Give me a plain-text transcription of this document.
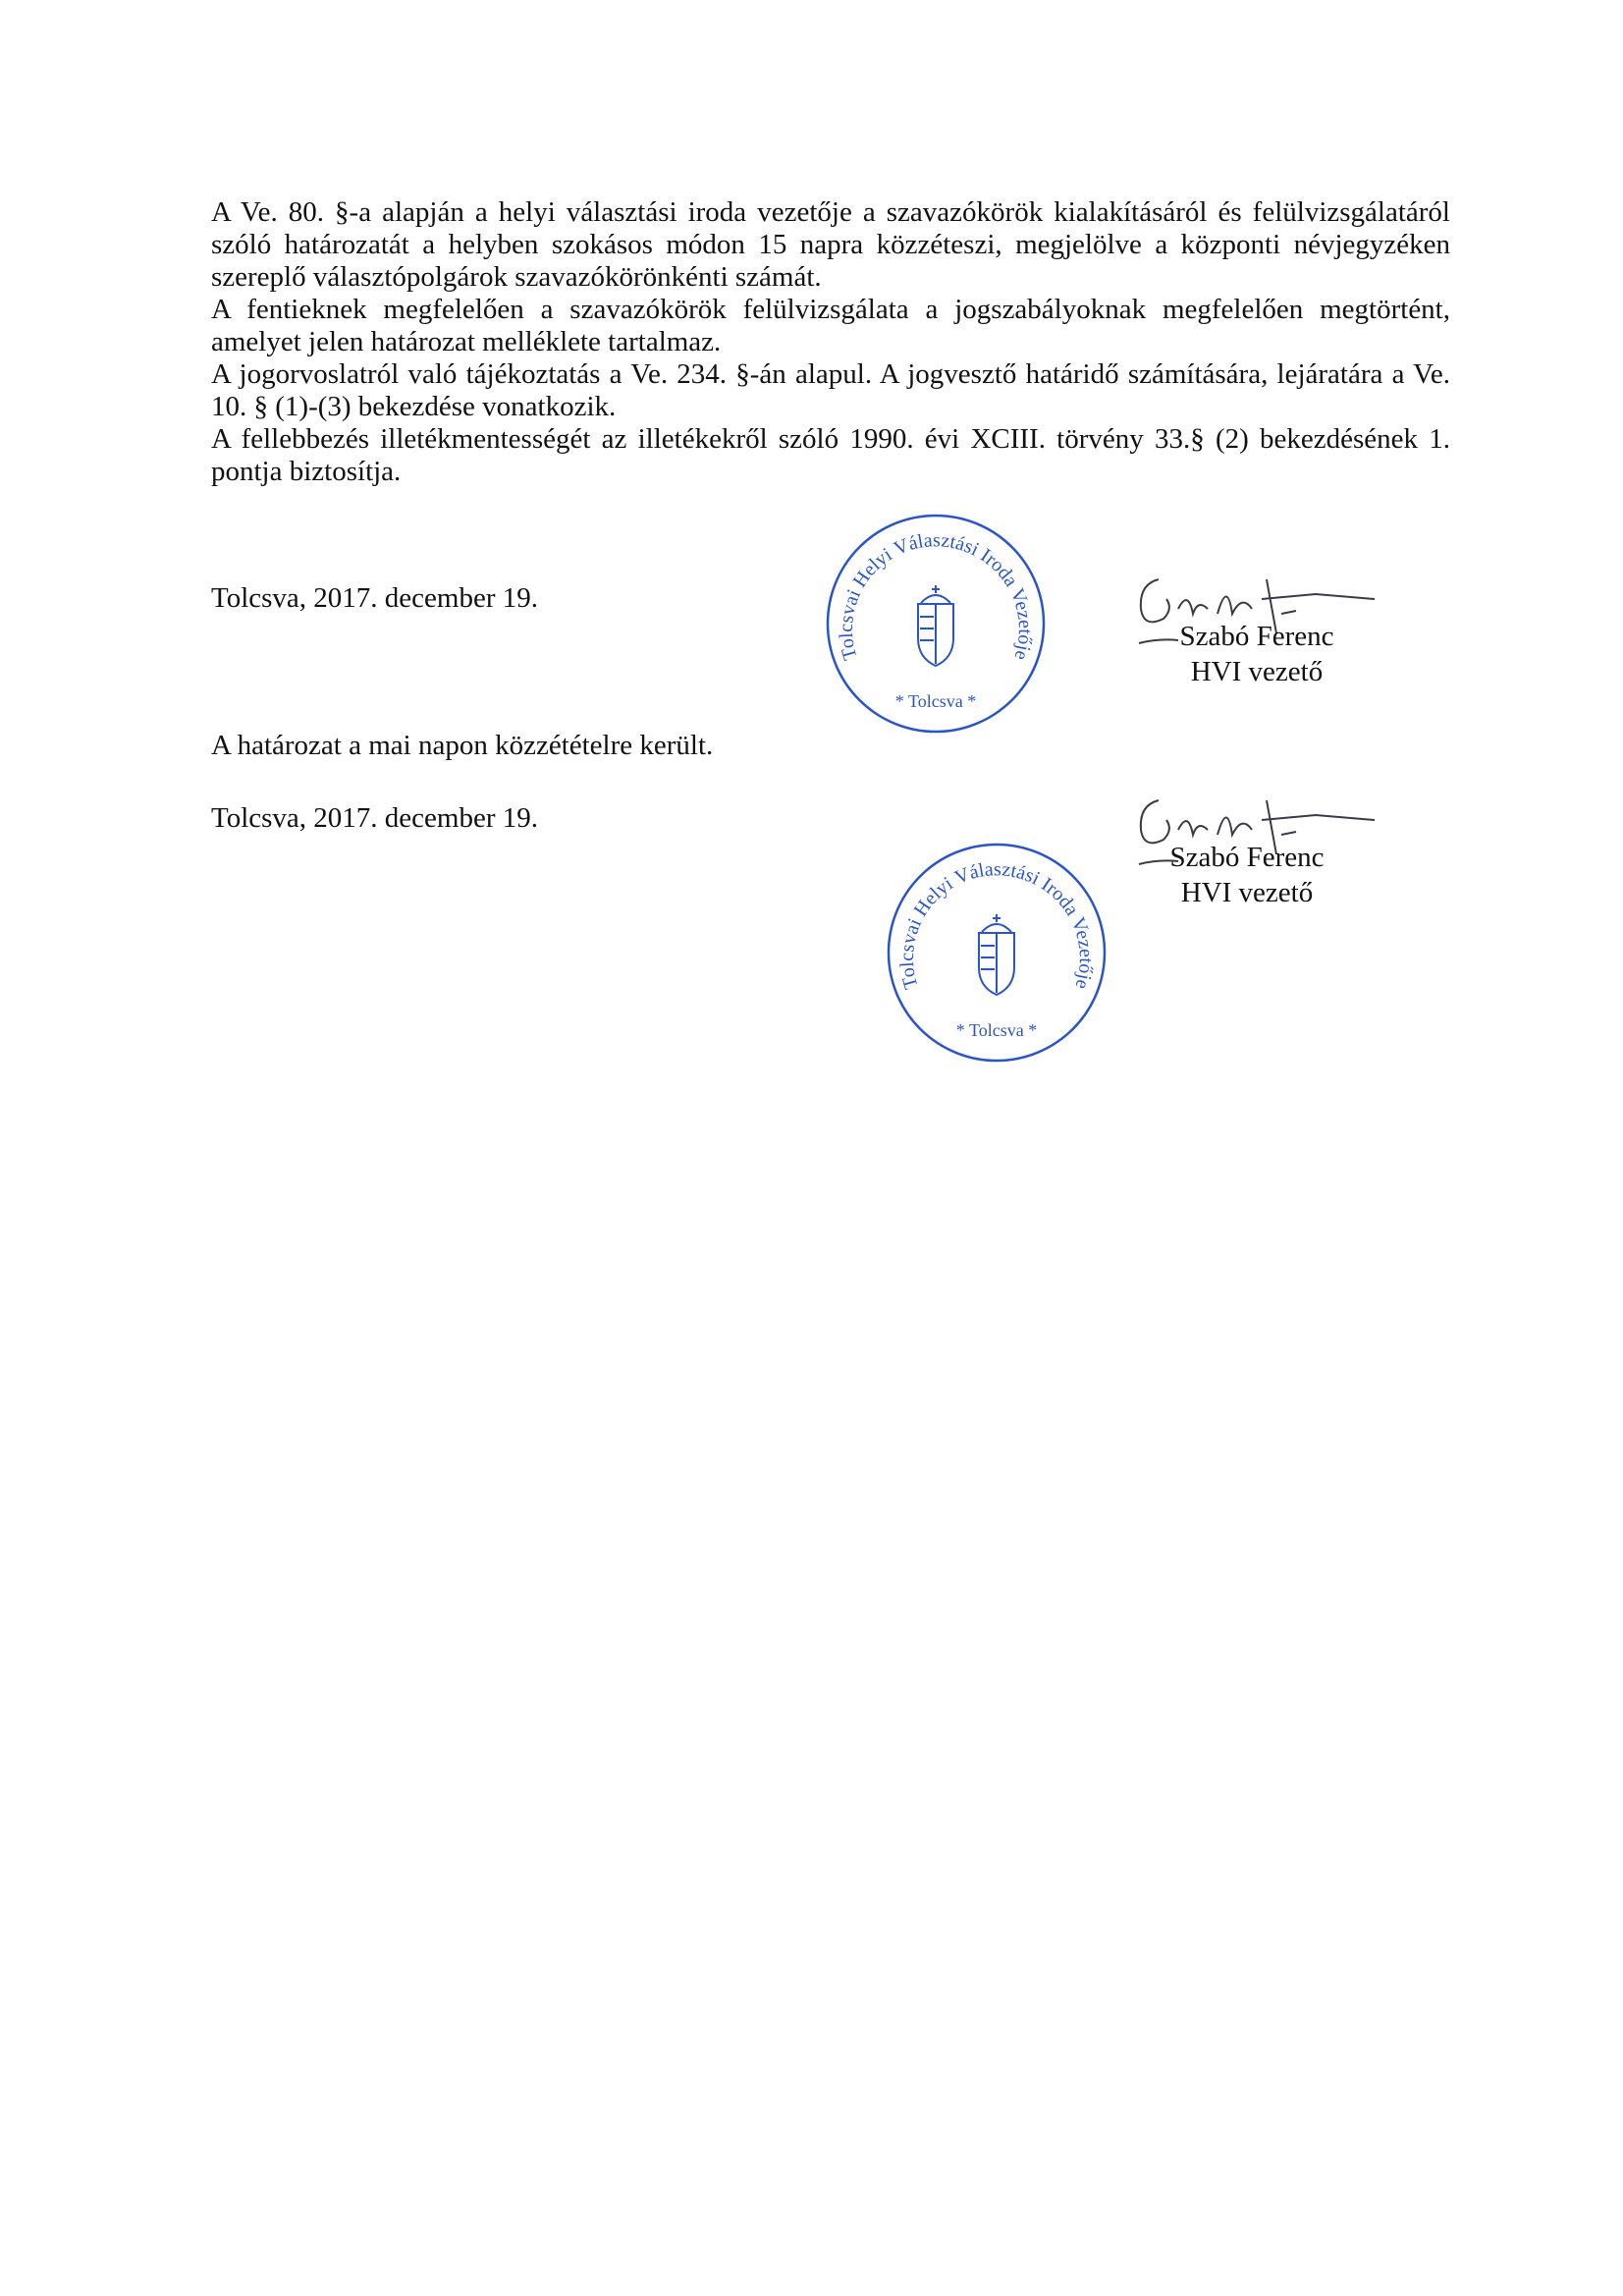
A Ve. 80. §-a alapján a helyi választási iroda vezetője a szavazókörök kialakításáról és felülvizsgálatáról szóló határozatát a helyben szokásos módon 15 napra közzéteszi, megjelölve a központi névjegyzéken szereplő választópolgárok szavazókörönkénti számát.

A fentieknek megfelelően a szavazókörök felülvizsgálata a jogszabályoknak megfelelően megtörtént, amelyet jelen határozat melléklete tartalmaz.

A jogorvoslatról való tájékoztatás a Ve. 234. §-án alapul. A jogvesztő határidő számítására, lejáratára a Ve. 10. § (1)-(3) bekezdése vonatkozik.

A fellebbezés illetékmentességét az illetékekről szóló 1990. évi XCIII. törvény 33.§ (2) bekezdésének 1. pontja biztosítja.

Tolcsva, 2017. december 19.
Tolcsvai Helyi Választási Iroda Vezetője
* Tolcsva *
Szabó Ferenc
HVI vezető
A határozat a mai napon közzétételre került.
Tolcsva, 2017. december 19.
Tolcsvai Helyi Választási Iroda Vezetője
* Tolcsva *
Szabó Ferenc
HVI vezető
